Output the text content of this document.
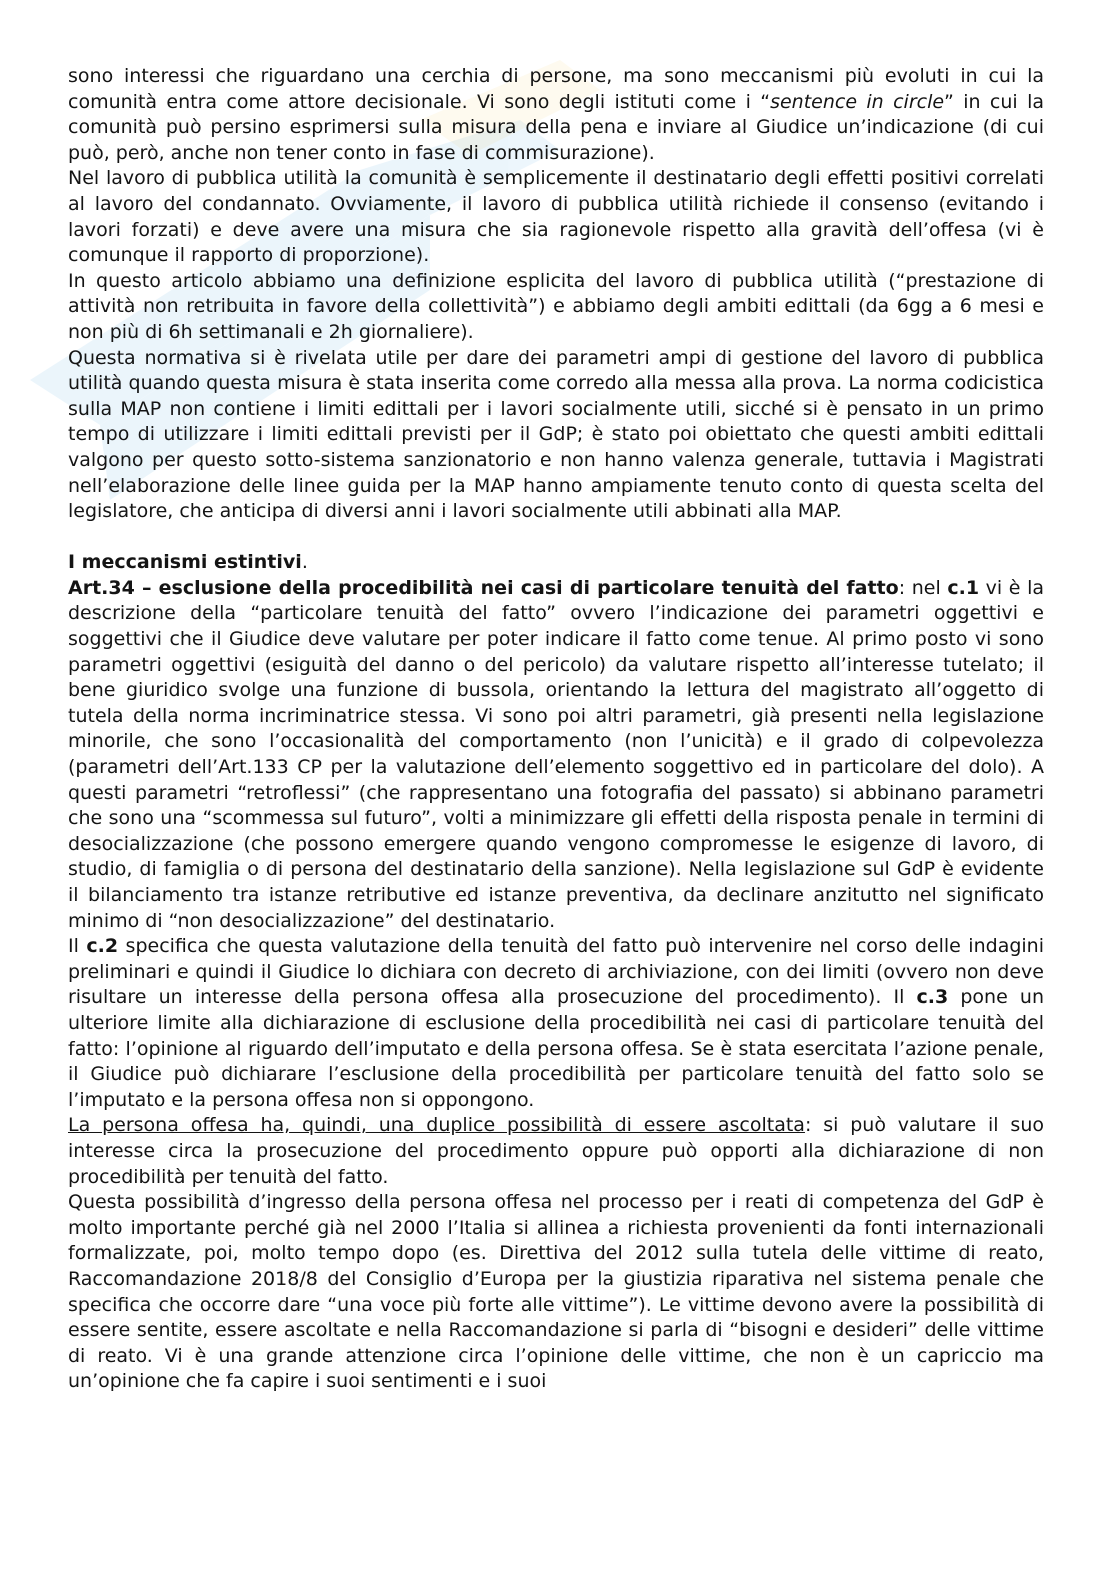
sono interessi che riguardano una cerchia di persone, ma sono meccanismi più evoluti in cui la comunità entra come attore decisionale. Vi sono degli istituti come i “sentence in circle” in cui la comunità può persino esprimersi sulla misura della pena e inviare al Giudice un’indicazione (di cui può, però, anche non tener conto in fase di commisurazione).

Nel lavoro di pubblica utilità la comunità è semplicemente il destinatario degli effetti positivi correlati al lavoro del condannato. Ovviamente, il lavoro di pubblica utilità richiede il consenso (evitando i lavori forzati) e deve avere una misura che sia ragionevole rispetto alla gravità dell’offesa (vi è comunque il rapporto di proporzione).

In questo articolo abbiamo una definizione esplicita del lavoro di pubblica utilità (“prestazione di attività non retribuita in favore della collettività”) e abbiamo degli ambiti edittali (da 6gg a 6 mesi e non più di 6h settimanali e 2h giornaliere).

Questa normativa si è rivelata utile per dare dei parametri ampi di gestione del lavoro di pubblica utilità quando questa misura è stata inserita come corredo alla messa alla prova. La norma codicistica sulla MAP non contiene i limiti edittali per i lavori socialmente utili, sicché si è pensato in un primo tempo di utilizzare i limiti edittali previsti per il GdP; è stato poi obiettato che questi ambiti edittali valgono per questo sotto-sistema sanzionatorio e non hanno valenza generale, tuttavia i Magistrati nell’elaborazione delle linee guida per la MAP hanno ampiamente tenuto conto di questa scelta del legislatore, che anticipa di diversi anni i lavori socialmente utili abbinati alla MAP.

I meccanismi estintivi.

Art.34 – esclusione della procedibilità nei casi di particolare tenuità del fatto: nel c.1 vi è la descrizione della “particolare tenuità del fatto” ovvero l’indicazione dei parametri oggettivi e soggettivi che il Giudice deve valutare per poter indicare il fatto come tenue. Al primo posto vi sono parametri oggettivi (esiguità del danno o del pericolo) da valutare rispetto all’interesse tutelato; il bene giuridico svolge una funzione di bussola, orientando la lettura del magistrato all’oggetto di tutela della norma incriminatrice stessa. Vi sono poi altri parametri, già presenti nella legislazione minorile, che sono l’occasionalità del comportamento (non l’unicità) e il grado di colpevolezza (parametri dell’Art.133 CP per la valutazione dell’elemento soggettivo ed in particolare del dolo). A questi parametri “retroflessi” (che rappresentano una fotografia del passato) si abbinano parametri che sono una “scommessa sul futuro”, volti a minimizzare gli effetti della risposta penale in termini di desocializzazione (che possono emergere quando vengono compromesse le esigenze di lavoro, di studio, di famiglia o di persona del destinatario della sanzione). Nella legislazione sul GdP è evidente il bilanciamento tra istanze retributive ed istanze preventiva, da declinare anzitutto nel significato minimo di “non desocializzazione” del destinatario.

Il c.2 specifica che questa valutazione della tenuità del fatto può intervenire nel corso delle indagini preliminari e quindi il Giudice lo dichiara con decreto di archiviazione, con dei limiti (ovvero non deve risultare un interesse della persona offesa alla prosecuzione del procedimento). Il c.3 pone un ulteriore limite alla dichiarazione di esclusione della procedibilità nei casi di particolare tenuità del fatto: l’opinione al riguardo dell’imputato e della persona offesa. Se è stata esercitata l’azione penale, il Giudice può dichiarare l’esclusione della procedibilità per particolare tenuità del fatto solo se l’imputato e la persona offesa non si oppongono.

La persona offesa ha, quindi, una duplice possibilità di essere ascoltata: si può valutare il suo interesse circa la prosecuzione del procedimento oppure può opporti alla dichiarazione di non procedibilità per tenuità del fatto.

Questa possibilità d’ingresso della persona offesa nel processo per i reati di competenza del GdP è molto importante perché già nel 2000 l’Italia si allinea a richiesta provenienti da fonti internazionali formalizzate, poi, molto tempo dopo (es. Direttiva del 2012 sulla tutela delle vittime di reato, Raccomandazione 2018/8 del Consiglio d’Europa per la giustizia riparativa nel sistema penale che specifica che occorre dare “una voce più forte alle vittime”). Le vittime devono avere la possibilità di essere sentite, essere ascoltate e nella Raccomandazione si parla di “bisogni e desideri” delle vittime di reato. Vi è una grande attenzione circa l’opinione delle vittime, che non è un capriccio ma un’opinione che fa capire i suoi sentimenti e i suoi
